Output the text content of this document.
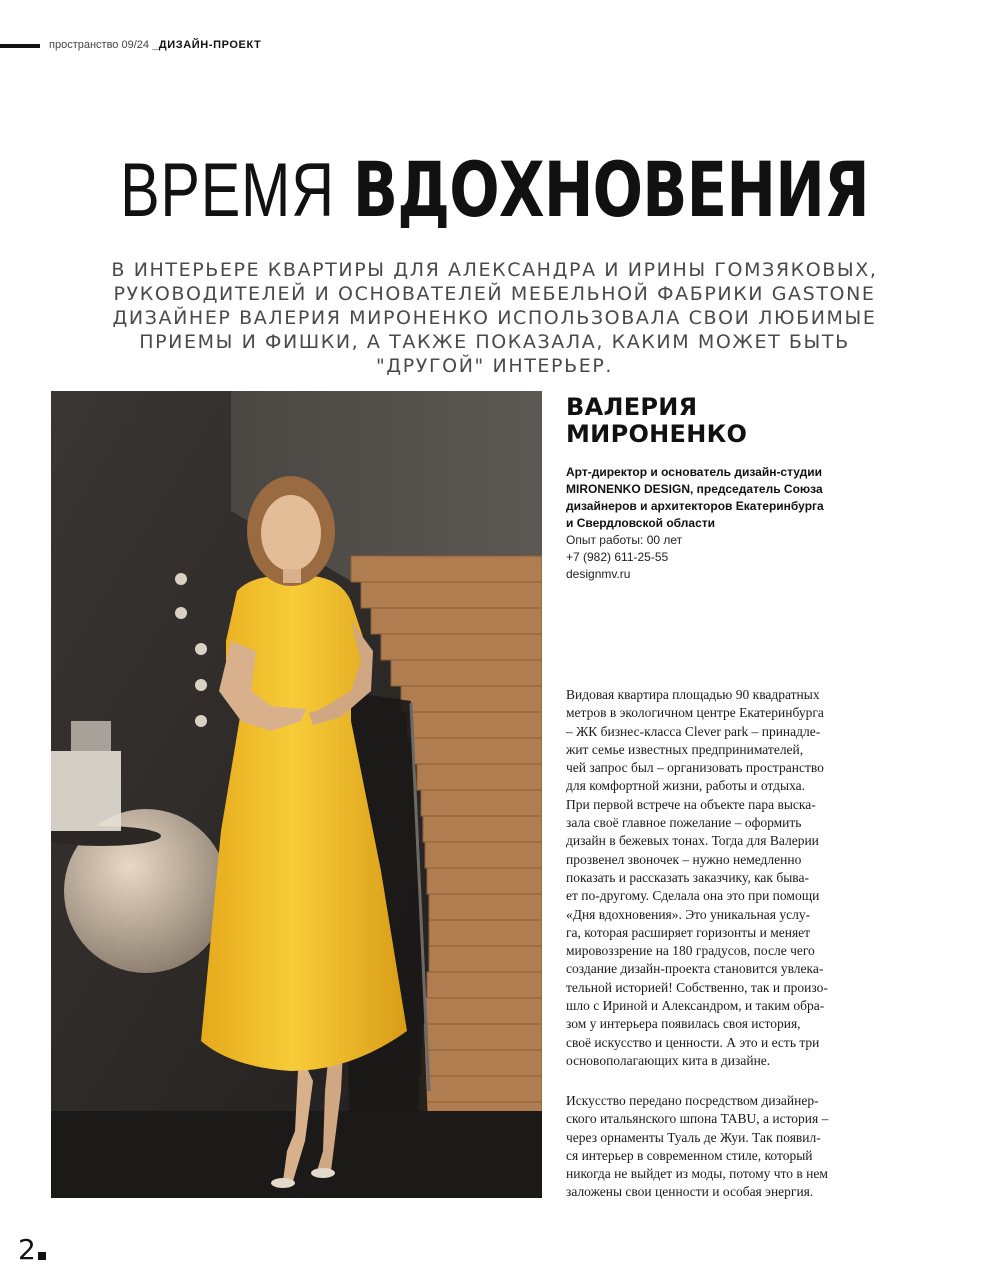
пространство 09/24 _ДИЗАЙН-ПРОЕКТ
ВРЕМЯ ВДОХНОВЕНИЯ
В ИНТЕРЬЕРЕ КВАРТИРЫ ДЛЯ АЛЕКСАНДРА И ИРИНЫ ГОМЗЯКОВЫХ,
РУКОВОДИТЕЛЕЙ И ОСНОВАТЕЛЕЙ МЕБЕЛЬНОЙ ФАБРИКИ GASTONE
ДИЗАЙНЕР ВАЛЕРИЯ МИРОНЕНКО ИСПОЛЬЗОВАЛА СВОИ ЛЮБИМЫЕ
ПРИЕМЫ И ФИШКИ, А ТАКЖЕ ПОКАЗАЛА, КАКИМ МОЖЕТ БЫТЬ
"ДРУГОЙ" ИНТЕРЬЕР.
ВАЛЕРИЯ
МИРОНЕНКО
Арт-директор и основатель дизайн-студии
MIRONENKO DESIGN, председатель Союза
дизайнеров и архитекторов Екатеринбурга
и Свердловской области
Опыт работы: 00 лет
+7 (982) 611-25-55
designmv.ru
Видовая квартира площадью 90 квадратных
метров в экологичном центре Екатеринбурга
– ЖК бизнес-класса Clever park – принадле-
жит семье известных предпринимателей,
чей запрос был – организовать пространство
для комфортной жизни, работы и отдыха.
При первой встрече на объекте пара выска-
зала своё главное пожелание – оформить
дизайн в бежевых тонах. Тогда для Валерии
прозвенел звоночек – нужно немедленно
показать и рассказать заказчику, как быва-
ет по-другому. Сделала она это при помощи
«Дня вдохновения». Это уникальная услу-
га, которая расширяет горизонты и меняет
мировоззрение на 180 градусов, после чего
создание дизайн-проекта становится увлека-
тельной историей! Собственно, так и произо-
шло с Ириной и Александром, и таким обра-
зом у интерьера появилась своя история,
своё искусство и ценности. А это и есть три
основополагающих кита в дизайне.
Искусство передано посредством дизайнер-
ского итальянского шпона TABU, а история –
через орнаменты Туаль де Жуи. Так появил-
ся интерьер в современном стиле, который
никогда не выйдет из моды, потому что в нем
заложены свои ценности и особая энергия.
2
